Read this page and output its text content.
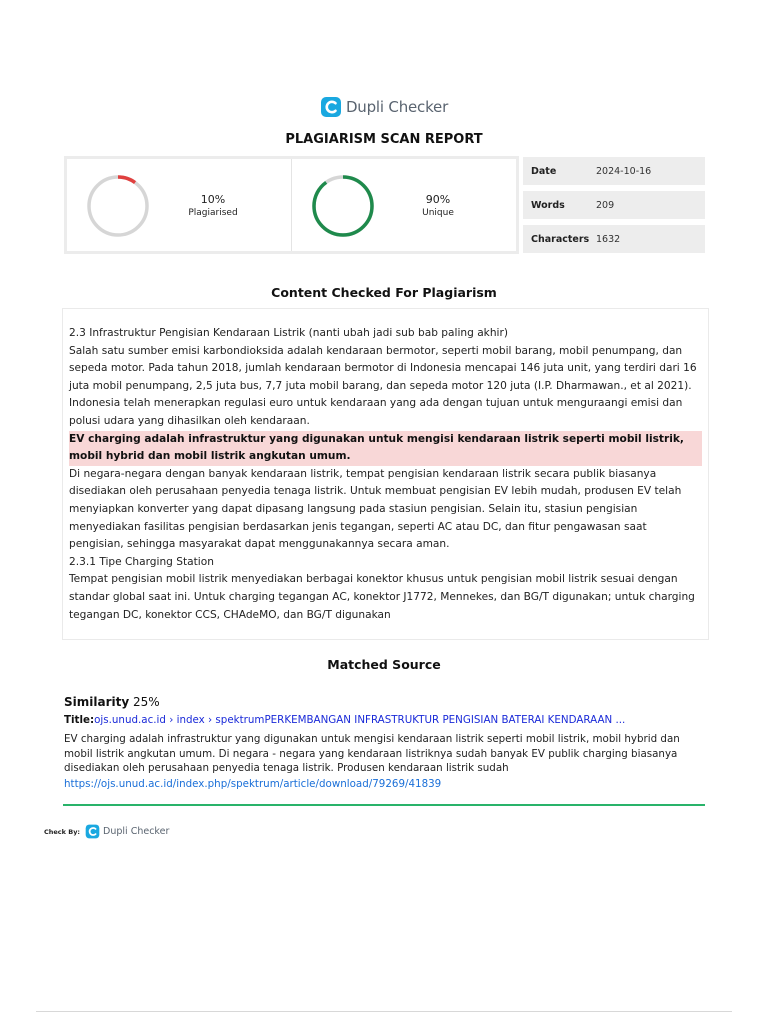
Dupli Checker
PLAGIARISM SCAN REPORT
10%
Plagiarised
90%
Unique
Date	2024-10-16
Words	209
Characters 1632
Content Checked For Plagiarism

2.3 Infrastruktur Pengisian Kendaraan Listrik (nanti ubah jadi sub bab paling akhir)

Salah satu sumber emisi karbondioksida adalah kendaraan bermotor, seperti mobil barang, mobil penumpang, dan sepeda motor. Pada tahun 2018, jumlah kendaraan bermotor di Indonesia mencapai 146 juta unit, yang terdiri dari 16 juta mobil penumpang, 2,5 juta bus, 7,7 juta mobil barang, dan sepeda motor 120 juta (I.P. Dharmawan., et al 2021). Indonesia telah menerapkan regulasi euro untuk kendaraan yang ada dengan tujuan untuk menguraangi emisi dan polusi udara yang dihasilkan oleh kendaraan.

EV charging adalah infrastruktur yang digunakan untuk mengisi kendaraan listrik seperti mobil listrik, mobil hybrid dan mobil listrik angkutan umum.

Di negara-negara dengan banyak kendaraan listrik, tempat pengisian kendaraan listrik secara publik biasanya disediakan oleh perusahaan penyedia tenaga listrik. Untuk membuat pengisian EV lebih mudah, produsen EV telah menyiapkan konverter yang dapat dipasang langsung pada stasiun pengisian. Selain itu, stasiun pengisian menyediakan fasilitas pengisian berdasarkan jenis tegangan, seperti AC atau DC, dan fitur pengawasan saat pengisian, sehingga masyarakat dapat menggunakannya secara aman.

2.3.1 Tipe Charging Station

Tempat pengisian mobil listrik menyediakan berbagai konektor khusus untuk pengisian mobil listrik sesuai dengan standar global saat ini. Untuk charging tegangan AC, konektor J1772, Mennekes, dan BG/T digunakan; untuk charging tegangan DC, konektor CCS, CHAdeMO, dan BG/T digunakan

Matched Source
Similarity 25%
Title:ojs.unud.ac.id › index › spektrumPERKEMBANGAN INFRASTRUKTUR PENGISIAN BATERAI KENDARAAN ...
EV charging adalah infrastruktur yang digunakan untuk mengisi kendaraan listrik seperti mobil listrik, mobil hybrid dan mobil listrik angkutan umum. Di negara - negara yang kendaraan listriknya sudah banyak EV publik charging biasanya disediakan oleh perusahaan penyedia tenaga listrik. Produsen kendaraan listrik sudah
https://ojs.unud.ac.id/index.php/spektrum/article/download/79269/41839
Check By: Dupli Checker
